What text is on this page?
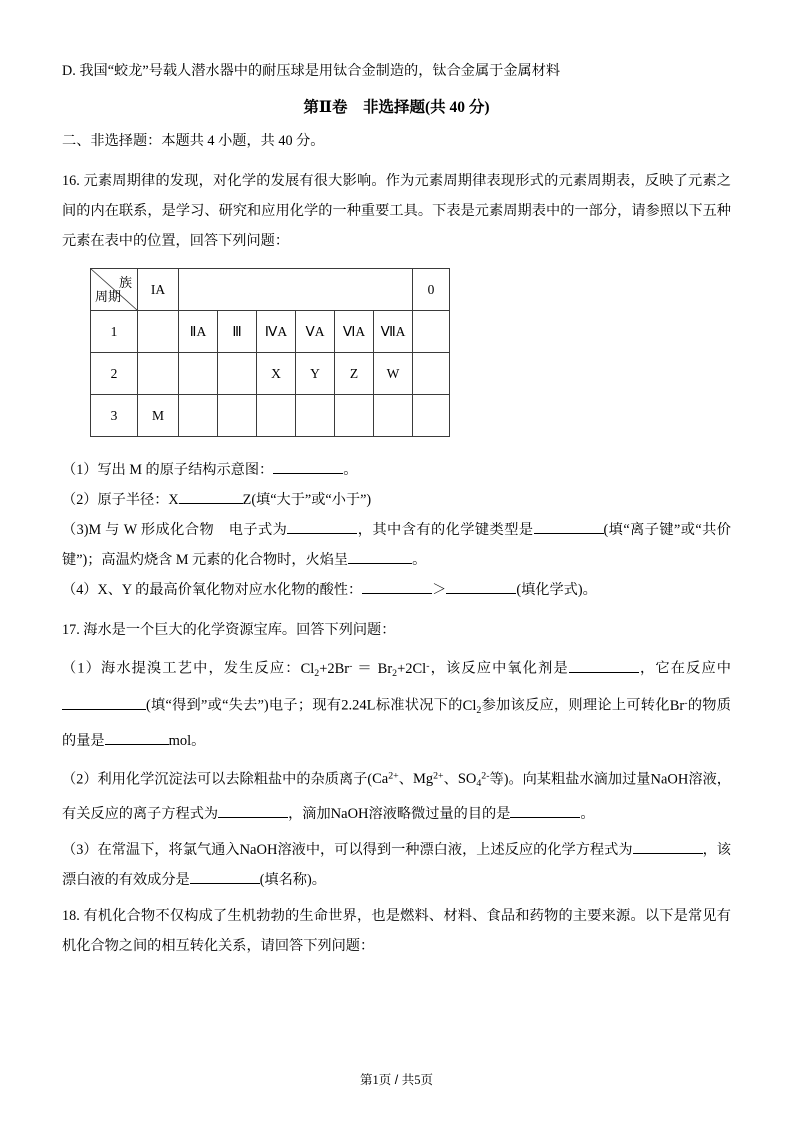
D. 我国“蛟龙”号载人潜水器中的耐压球是用钛合金制造的，钛合金属于金属材料
第Ⅱ卷　非选择题(共 40 分)
二、非选择题：本题共 4 小题，共 40 分。
16. 元素周期律的发现，对化学的发展有很大影响。作为元素周期律表现形式的元素周期表，反映了元素之间的内在联系，是学习、研究和应用化学的一种重要工具。下表是元素周期表中的一部分，请参照以下五种元素在表中的位置，回答下列问题：
族
周期	IA							0
1		ⅡA	Ⅲ	ⅣA	ⅤA	ⅥA	ⅦA	
2				X	Y	Z	W	
3	M							
（1）写出 M 的原子结构示意图：	。
（2）原子半径：X	Z(填“大于”或“小于”)
（3)M 与 W 形成化合物　电子式为	，其中含有的化学键类型是	(填“离子键”或“共价键”)；高温灼烧含 M 元素的化合物时，火焰呈	。
（4）X、Y 的最高价氧化物对应水化物的酸性：	＞	(填化学式)。
17. 海水是一个巨大的化学资源宝库。回答下列问题：
（1）海水提溴工艺中，发生反应：$Cl_2+2Br^- = Br_2+2Cl^-$，该反应中氧化剂是	，它在反应中(填“得到”或“失去”)电子；现有2.24L标准状况下的$Cl_2$参加该反应，则理论上可转化Br-的物质的量是	mol。
（2）利用化学沉淀法可以去除粗盐中的杂质离子($Ca^{2+}$、$Mg^{2+}$、$SO_4^{2-}$等)。向某粗盐水滴加过量NaOH溶液，有关反应的离子方程式为	，滴加NaOH溶液略微过量的目的是	。
（3）在常温下，将氯气通入NaOH溶液中，可以得到一种漂白液，上述反应的化学方程式为	，该漂白液的有效成分是	(填名称)。
18. 有机化合物不仅构成了生机勃勃的生命世界，也是燃料、材料、食品和药物的主要来源。以下是常见有机化合物之间的相互转化关系，请回答下列问题：
第1页 / 共5页
